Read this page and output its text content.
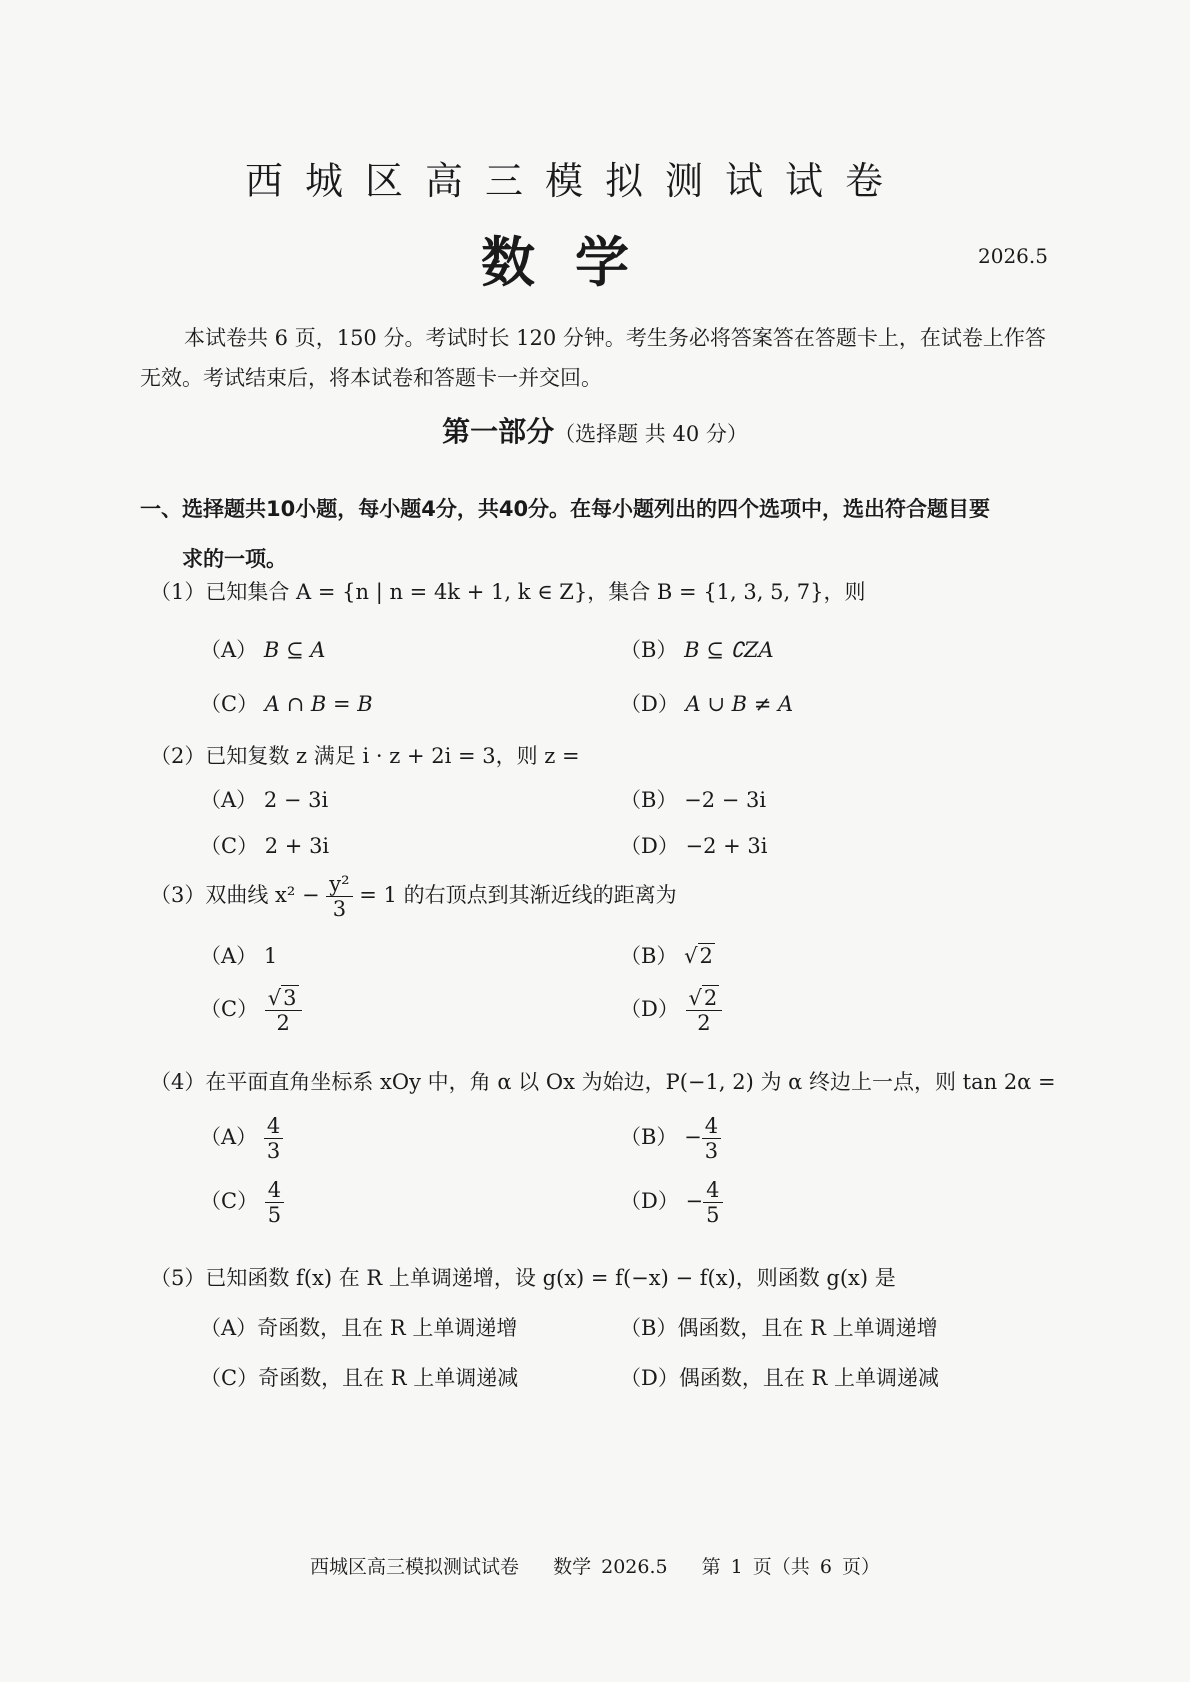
西城区高三模拟测试试卷
数学	2026.5
本试卷共 6 页，150 分。考试时长 120 分钟。考生务必将答案答在答题卡上，在试卷上作答无效。考试结束后，将本试卷和答题卡一并交回。
第一部分（选择题 共 40 分）
一、选择题共10小题，每小题4分，共40分。在每小题列出的四个选项中，选出符合题目要
求的一项。
（1）已知集合 A = {n | n = 4k + 1, k ∈ Z}，集合 B = {1, 3, 5, 7}，则
（A） B ⊆ A	（B） B ⊆ ∁ZA
（C） A ∩ B = B	（D） A ∪ B ≠ A
（2）已知复数 z 满足 i · z + 2i = 3，则 z =
（A） 2 − 3i	（B） −2 − 3i
（C） 2 + 3i	（D） −2 + 3i
（3）双曲线 $x^2 - \frac{\text{y²}}{3} = 1$ 的右顶点到其渐近线的距离为
（A） 1	（B） √2
$(C) \frac{√3}{2}$	$(D) \frac{√2}{2}$
（4）在平面直角坐标系 xOy 中，角 α 以 Ox 为始边，P(−1, 2) 为 α 终边上一点，则 tan 2α =
$(A) \frac{4}{3}$	$(B) - \frac{4}{3}$
$(C) \frac{4}{5}$	$(D) - \frac{4}{5}$
（5）已知函数 f(x) 在 R 上单调递增，设 g(x) = f(−x) − f(x)，则函数 g(x) 是
（A）奇函数，且在 R 上单调递增	（B）偶函数，且在 R 上单调递增
（C）奇函数，且在 R 上单调递减	（D）偶函数，且在 R 上单调递减
西城区高三模拟测试试卷 数学 2026.5 第 1 页（共 6 页）
